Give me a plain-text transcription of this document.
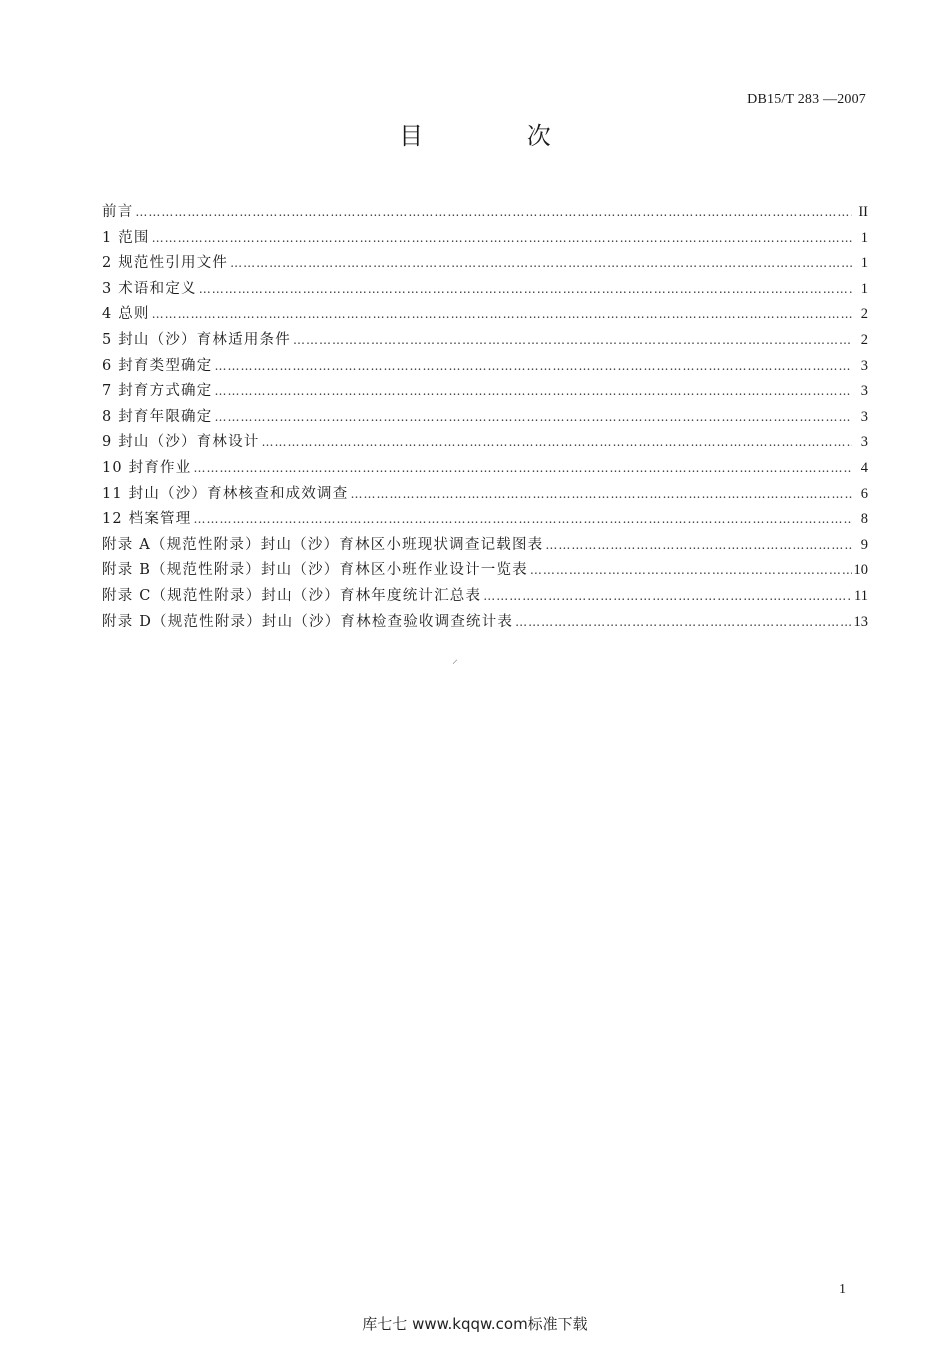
DB15/T 283 —2007
目 次
前言 ……………………………………………………………………………………………………………………………………………………………………………………………………………………	II
1 范围 ……………………………………………………………………………………………………………………………………………………………………………………………………………………	1
2 规范性引用文件 ……………………………………………………………………………………………………………………………………………………………………………………………………………………	1
3 术语和定义 ……………………………………………………………………………………………………………………………………………………………………………………………………………………	1
4 总则 ……………………………………………………………………………………………………………………………………………………………………………………………………………………	2
5 封山（沙）育林适用条件 ……………………………………………………………………………………………………………………………………………………………………………………………………………………	2
6 封育类型确定 ……………………………………………………………………………………………………………………………………………………………………………………………………………………	3
7 封育方式确定 ……………………………………………………………………………………………………………………………………………………………………………………………………………………	3
8 封育年限确定 ……………………………………………………………………………………………………………………………………………………………………………………………………………………	3
9 封山（沙）育林设计 ……………………………………………………………………………………………………………………………………………………………………………………………………………………	3
10 封育作业 ……………………………………………………………………………………………………………………………………………………………………………………………………………………	4
11 封山（沙）育林核查和成效调查 ……………………………………………………………………………………………………………………………………………………………………………………………………………………	6
12 档案管理 ……………………………………………………………………………………………………………………………………………………………………………………………………………………	8
附录 A（规范性附录）封山（沙）育林区小班现状调查记载图表 ……………………………………………………………………………………………………………………………………………………………………………………………………………………	9
附录 B（规范性附录）封山（沙）育林区小班作业设计一览表 ……………………………………………………………………………………………………………………………………………………………………………………………………………………	10
附录 C（规范性附录）封山（沙）育林年度统计汇总表 ……………………………………………………………………………………………………………………………………………………………………………………………………………………	11
附录 D（规范性附录）封山（沙）育林检查验收调查统计表 ……………………………………………………………………………………………………………………………………………………………………………………………………………………	13
⸝
1
库七七 www.kqqw.com标准下载
